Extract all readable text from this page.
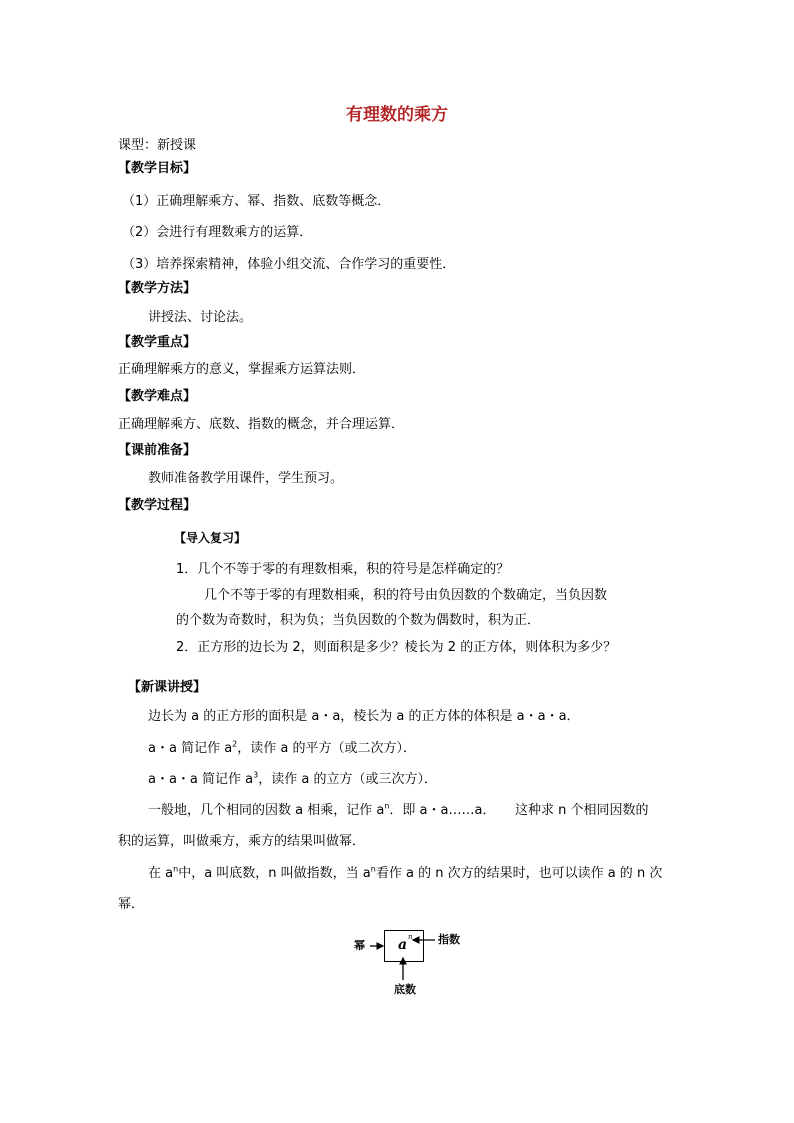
有理数的乘方
课型：新授课
【教学目标】
（1）正确理解乘方、幂、指数、底数等概念．
（2）会进行有理数乘方的运算．
（3）培养探索精神，体验小组交流、合作学习的重要性．
【教学方法】
讲授法、讨论法。
【教学重点】
正确理解乘方的意义，掌握乘方运算法则．
【教学难点】
正确理解乘方、底数、指数的概念，并合理运算．
【课前准备】
教师准备教学用课件，学生预习。
【教学过程】
【导入复习】
1．几个不等于零的有理数相乘，积的符号是怎样确定的？
几个不等于零的有理数相乘，积的符号由负因数的个数确定，当负因数
的个数为奇数时，积为负；当负因数的个数为偶数时，积为正．
2．正方形的边长为 2，则面积是多少？棱长为 2 的正方体，则体积为多少？
【新课讲授】
边长为 a 的正方形的面积是 a・a，棱长为 a 的正方体的体积是 a・a・a．
a・a 简记作 $a^2$，读作 a 的平方（或二次方）．
a・a・a 简记作 $a^3$，读作 a 的立方（或三次方）．
一般地，几个相同的因数 a 相乘，记作 $a^n$．即 a・a……a．　　这种求 n 个相同因数的
积的运算，叫做乘方，乘方的结果叫做幂．
在 $a^n$中，a 叫底数，n 叫做指数，当 $a^n$看作 a 的 n 次方的结果时，也可以读作 a 的 n 次
幂．
a n
幂	指数
底数
